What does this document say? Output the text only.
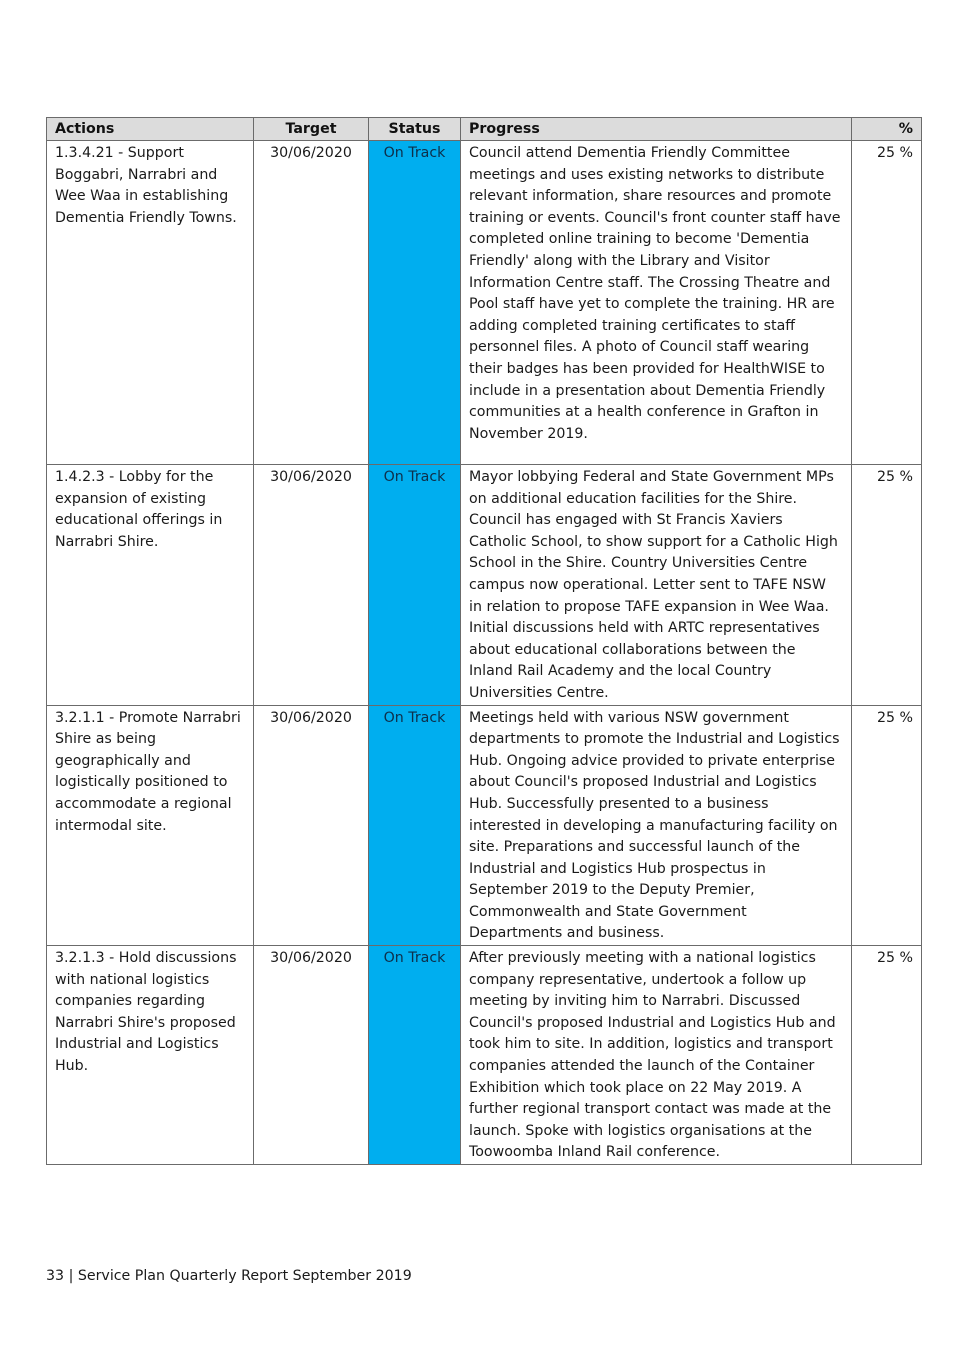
Actions	Target	Status	Progress	%
1.3.4.21 - Support Boggabri, Narrabri and Wee Waa in establishing Dementia Friendly Towns.	30/06/2020	On Track	Council attend Dementia Friendly Committee meetings and uses existing networks to distribute relevant information, share resources and promote training or events. Council's front counter staff have completed online training to become 'Dementia Friendly' along with the Library and Visitor Information Centre staff. The Crossing Theatre and Pool staff have yet to complete the training. HR are adding completed training certificates to staff personnel files. A photo of Council staff wearing their badges has been provided for HealthWISE to include in a presentation about Dementia Friendly communities at a health conference in Grafton in November 2019.	25 %
1.4.2.3 - Lobby for the expansion of existing educational offerings in Narrabri Shire.	30/06/2020	On Track	Mayor lobbying Federal and State Government MPs on additional education facilities for the Shire. Council has engaged with St Francis Xaviers Catholic School, to show support for a Catholic High School in the Shire. Country Universities Centre campus now operational. Letter sent to TAFE NSW in relation to propose TAFE expansion in Wee Waa. Initial discussions held with ARTC representatives about educational collaborations between the Inland Rail Academy and the local Country Universities Centre.	25 %
3.2.1.1 - Promote Narrabri Shire as being geographically and logistically positioned to accommodate a regional intermodal site.	30/06/2020	On Track	Meetings held with various NSW government departments to promote the Industrial and Logistics Hub. Ongoing advice provided to private enterprise about Council's proposed Industrial and Logistics Hub. Successfully presented to a business interested in developing a manufacturing facility on site. Preparations and successful launch of the Industrial and Logistics Hub prospectus in September 2019 to the Deputy Premier, Commonwealth and State Government Departments and business.	25 %
3.2.1.3 - Hold discussions with national logistics companies regarding Narrabri Shire's proposed Industrial and Logistics Hub.	30/06/2020	On Track	After previously meeting with a national logistics company representative, undertook a follow up meeting by inviting him to Narrabri. Discussed Council's proposed Industrial and Logistics Hub and took him to site. In addition, logistics and transport companies attended the launch of the Container Exhibition which took place on 22 May 2019. A further regional transport contact was made at the launch. Spoke with logistics organisations at the Toowoomba Inland Rail conference.	25 %
33 | Service Plan Quarterly Report September 2019
